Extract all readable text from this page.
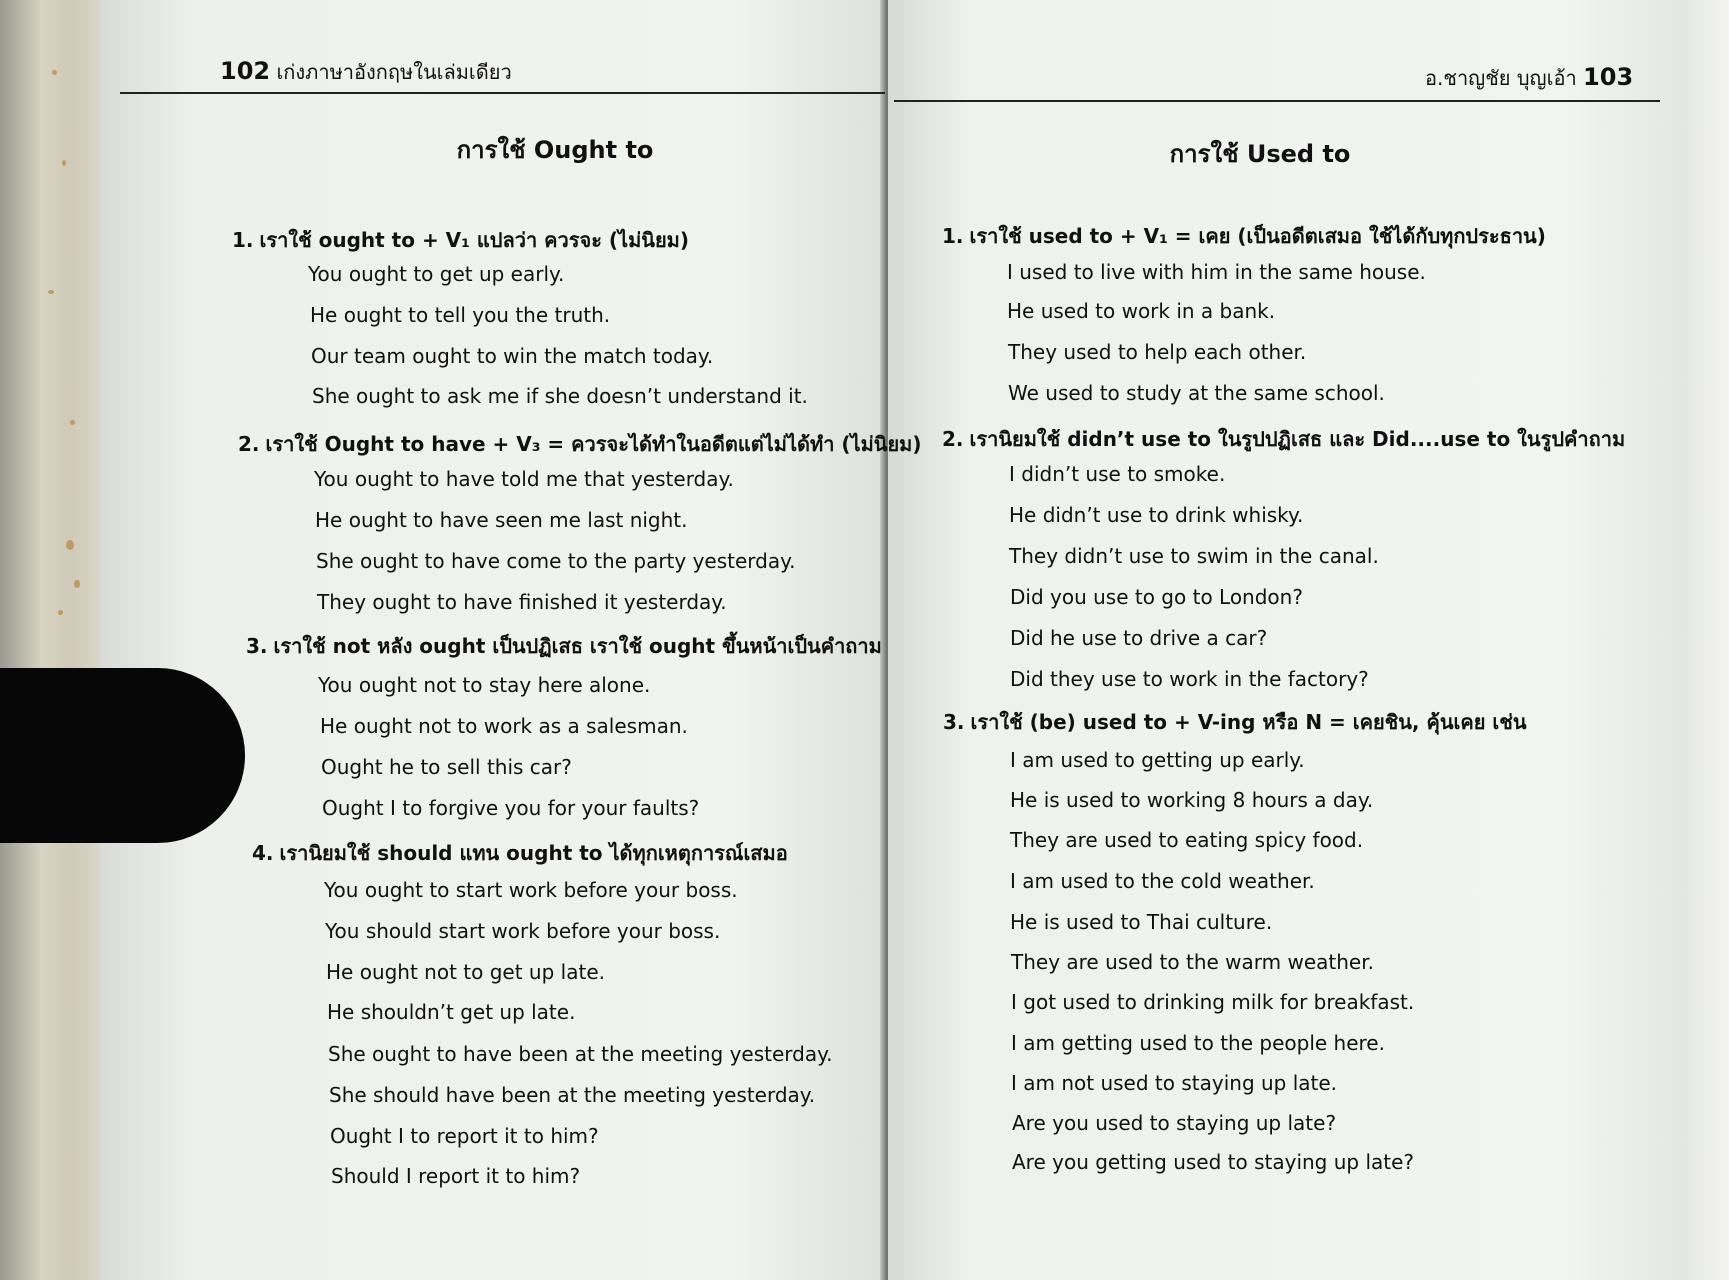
102 เก่งภาษาอังกฤษในเล่มเดียว
การใช้ Ought to
1. เราใช้ ought to + V₁ แปลว่า ควรจะ (ไม่นิยม)
You ought to get up early.
He ought to tell you the truth.
Our team ought to win the match today.
She ought to ask me if she doesn’t understand it.
2. เราใช้ Ought to have + V₃ = ควรจะได้ทำในอดีตแต่ไม่ได้ทำ (ไม่นิยม)
You ought to have told me that yesterday.
He ought to have seen me last night.
She ought to have come to the party yesterday.
They ought to have finished it yesterday.
3. เราใช้ not หลัง ought เป็นปฏิเสธ เราใช้ ought ขึ้นหน้าเป็นคำถาม
You ought not to stay here alone.
He ought not to work as a salesman.
Ought he to sell this car?
Ought I to forgive you for your faults?
4. เรานิยมใช้ should แทน ought to ได้ทุกเหตุการณ์เสมอ
You ought to start work before your boss.
You should start work before your boss.
He ought not to get up late.
He shouldn’t get up late.
She ought to have been at the meeting yesterday.
She should have been at the meeting yesterday.
Ought I to report it to him?
Should I report it to him?
อ.ชาญชัย บุญเอ้า 103
การใช้ Used to
1. เราใช้ used to + V₁ = เคย (เป็นอดีตเสมอ ใช้ได้กับทุกประธาน)
I used to live with him in the same house.
He used to work in a bank.
They used to help each other.
We used to study at the same school.
2. เรานิยมใช้ didn’t use to ในรูปปฏิเสธ และ Did....use to ในรูปคำถาม
I didn’t use to smoke.
He didn’t use to drink whisky.
They didn’t use to swim in the canal.
Did you use to go to London?
Did he use to drive a car?
Did they use to work in the factory?
3. เราใช้ (be) used to + V-ing หรือ N = เคยชิน, คุ้นเคย เช่น
I am used to getting up early.
He is used to working 8 hours a day.
They are used to eating spicy food.
I am used to the cold weather.
He is used to Thai culture.
They are used to the warm weather.
I got used to drinking milk for breakfast.
I am getting used to the people here.
I am not used to staying up late.
Are you used to staying up late?
Are you getting used to staying up late?
